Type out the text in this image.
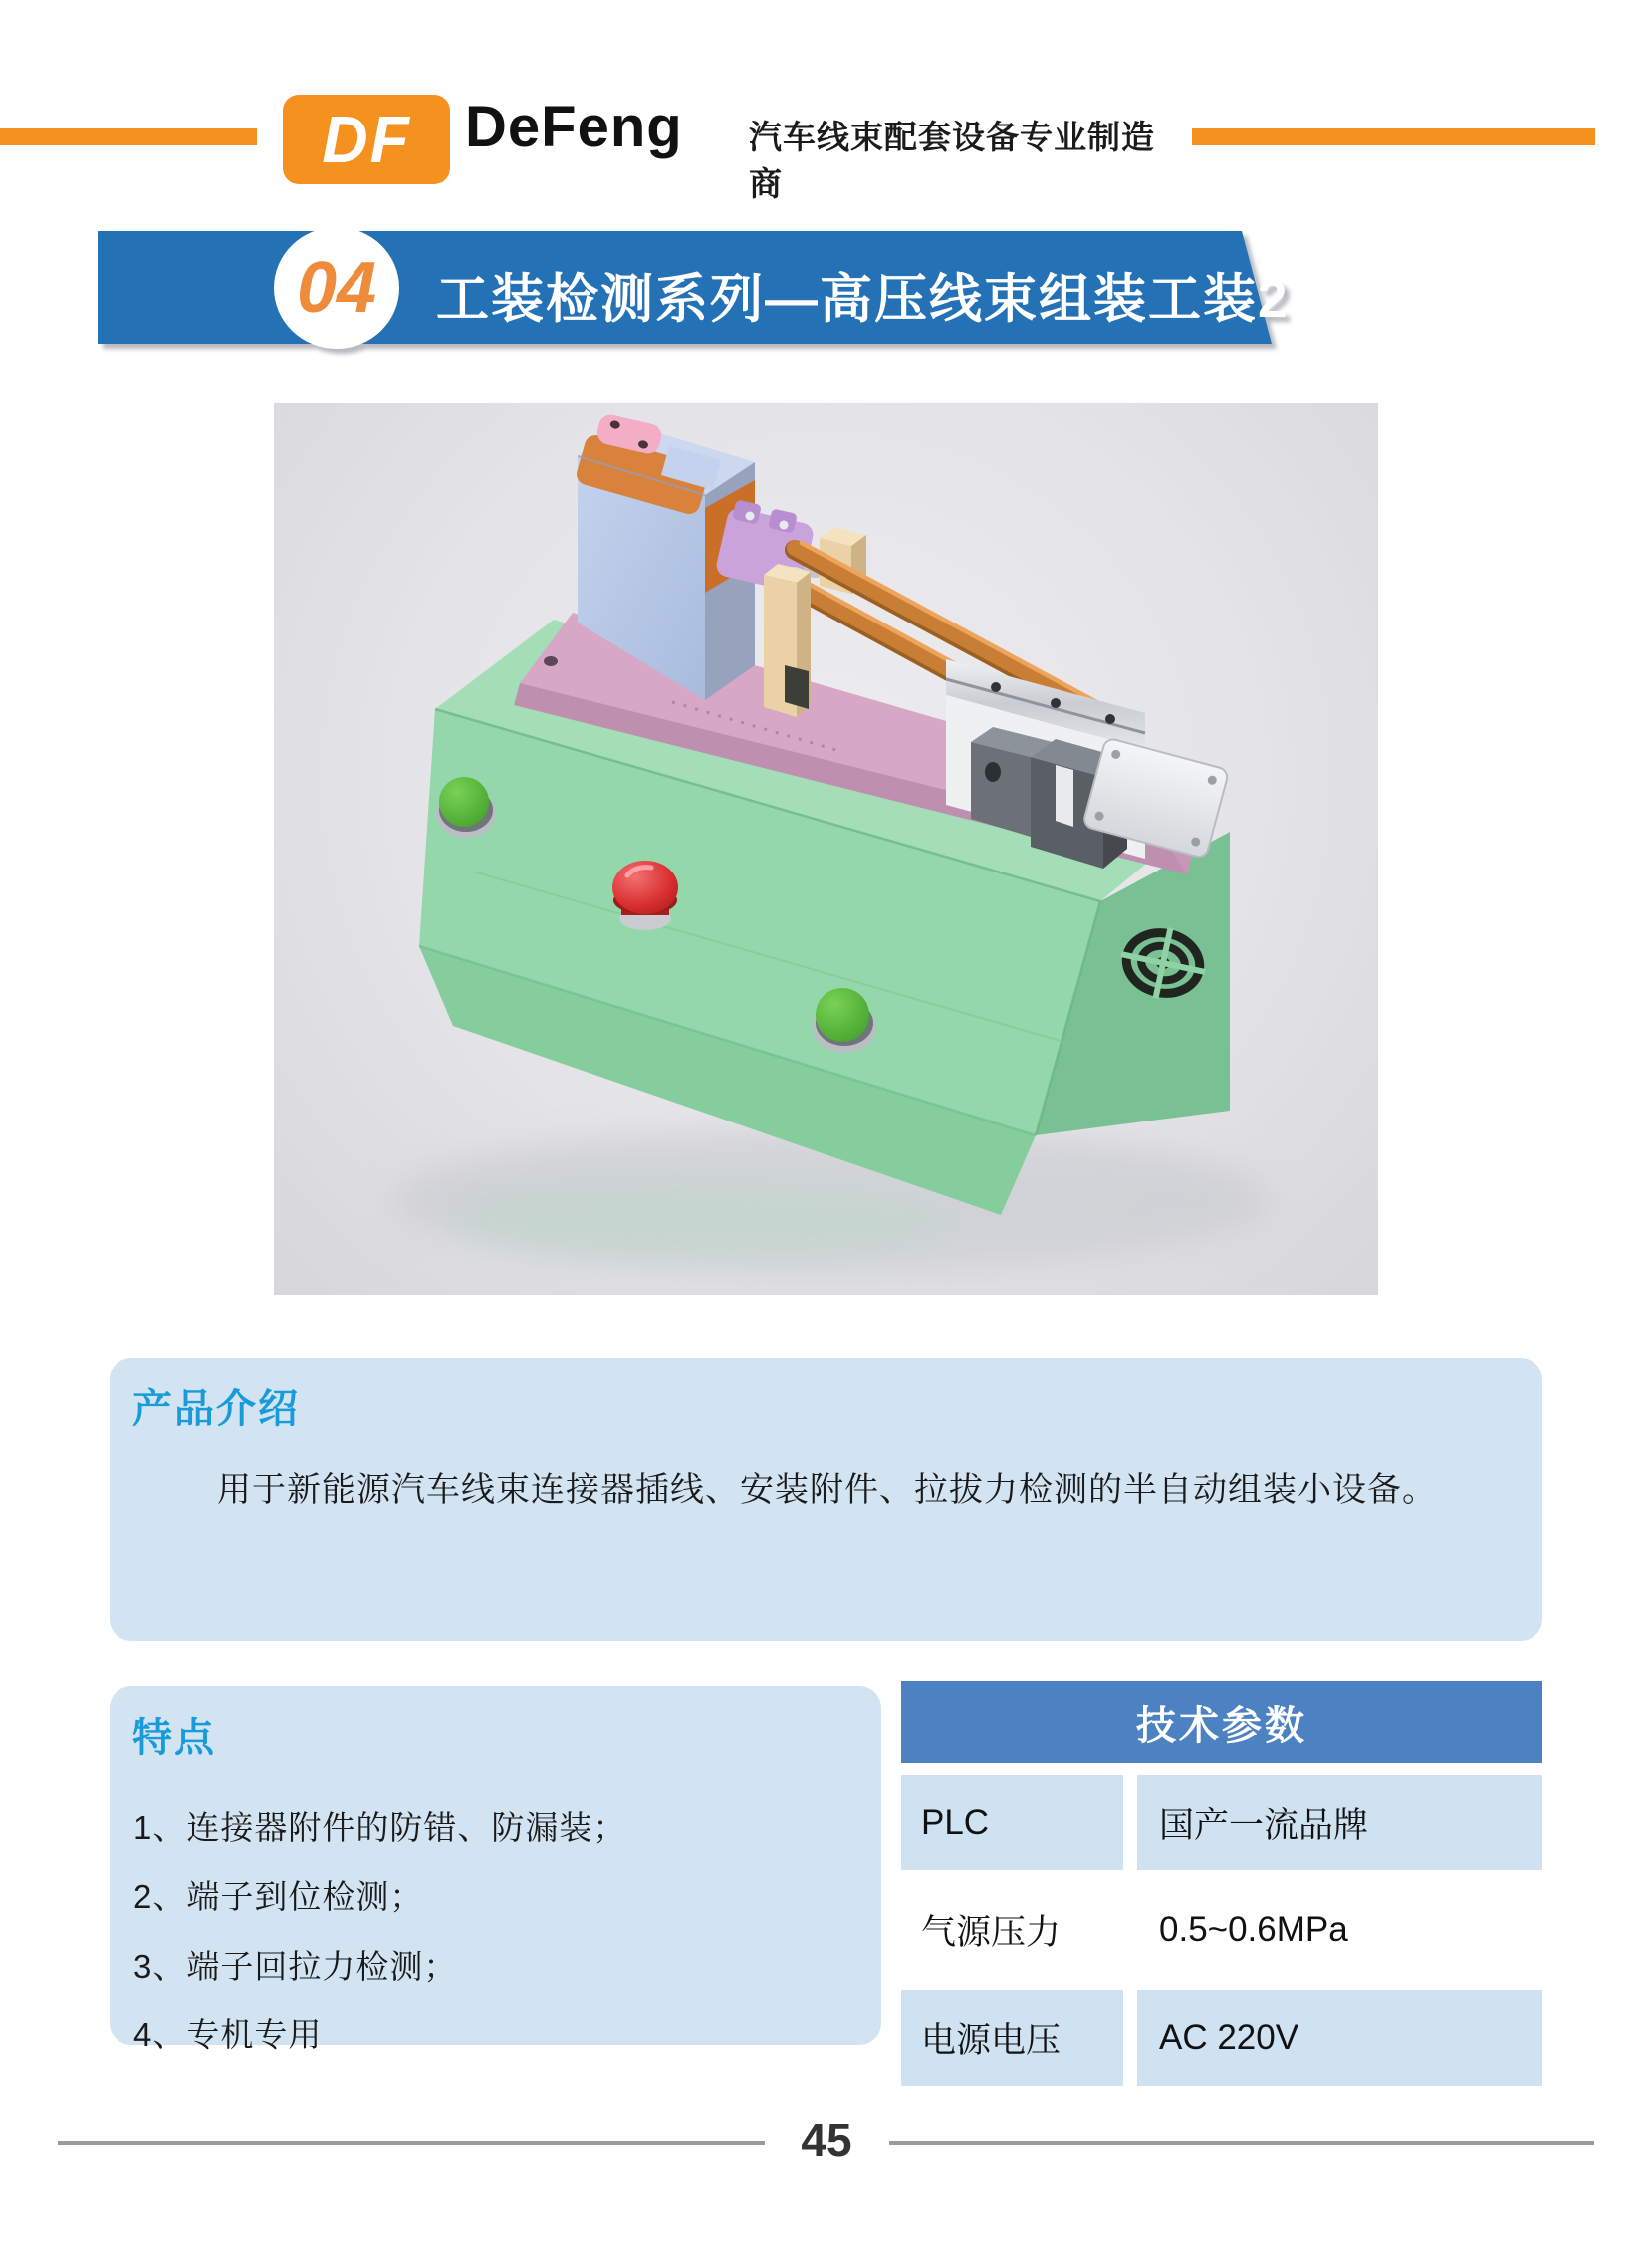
DF DeFeng	汽车线束配套设备专业制造商
04 工装检测系列—高压线束组装工装2
产品介绍
用于新能源汽车线束连接器插线、安装附件、拉拔力检测的半自动组装小设备。
特点
1、连接器附件的防错、防漏装；
2、端子到位检测；
3、端子回拉力检测；
4、专机专用
技术参数
PLC	国产一流品牌
气源压力	0.5~0.6MPa
电源电压	AC 220V
45
